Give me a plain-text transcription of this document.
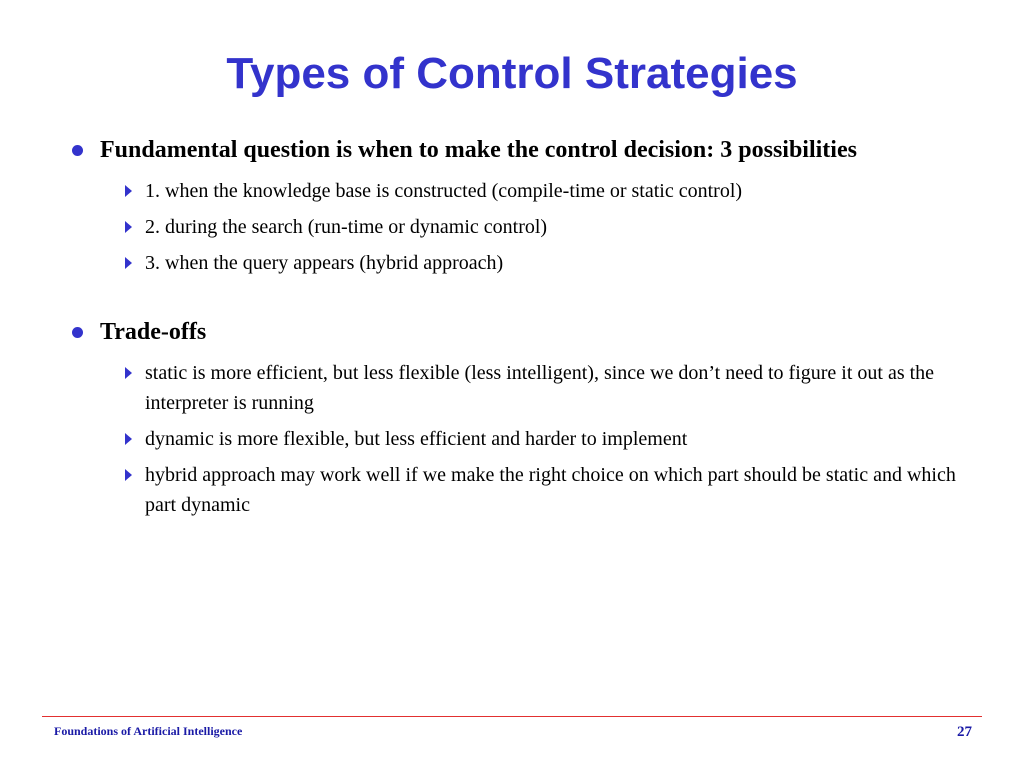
Types of Control Strategies
Fundamental question is when to make the control decision: 3 possibilities
1. when the knowledge base is constructed (compile-time or static control)
2. during the search (run-time or dynamic control)
3. when the query appears (hybrid approach)
Trade-offs
static is more efficient, but less flexible (less intelligent), since we don’t need to figure it out as the interpreter is running
dynamic is more flexible, but less efficient and harder to implement
hybrid approach may work well if we make the right choice on which part should be static and which part dynamic
Foundations of Artificial Intelligence	27
